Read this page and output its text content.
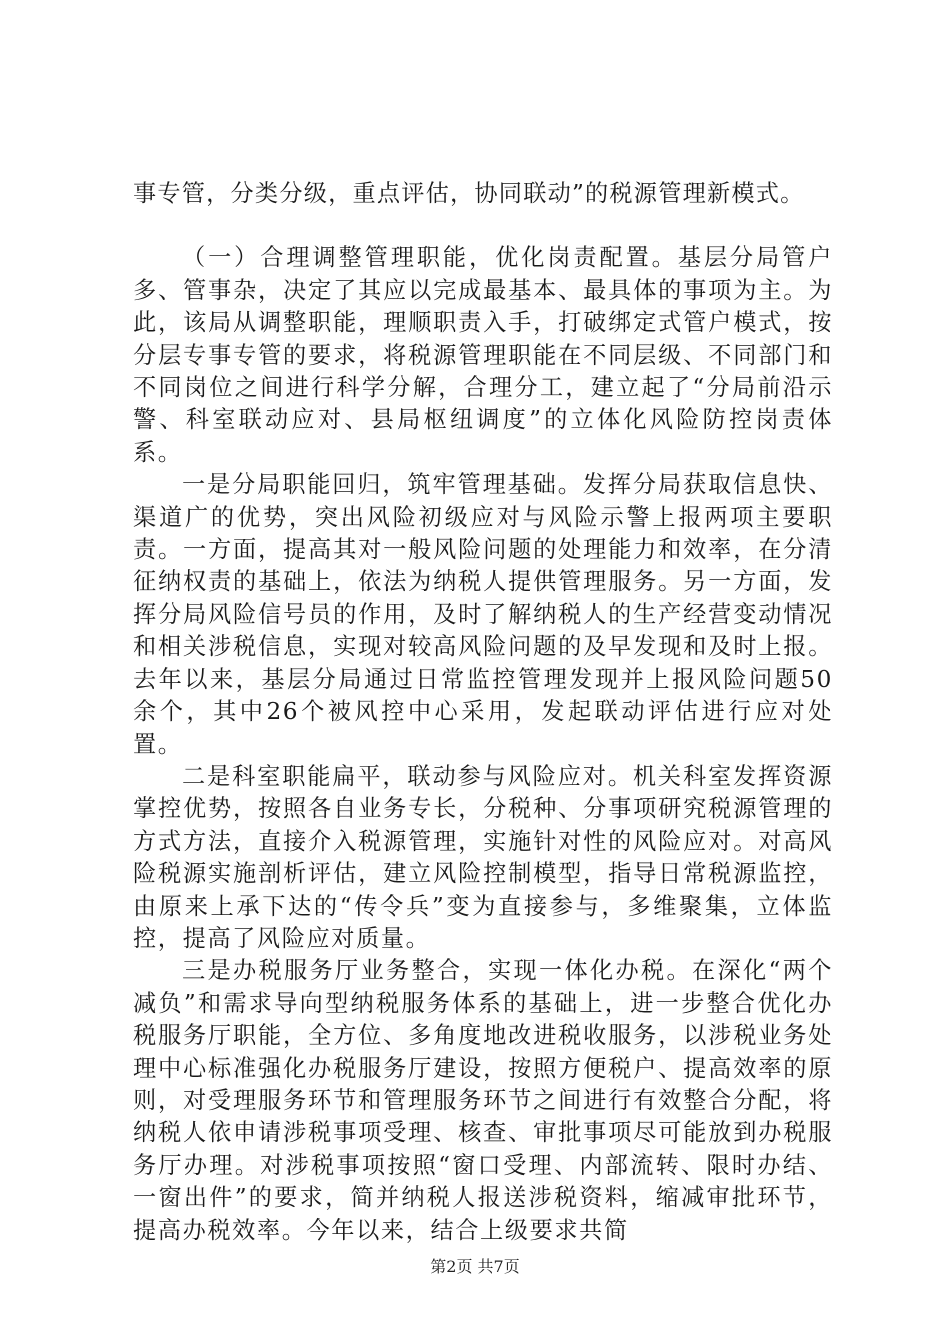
事专管，分类分级，重点评估，协同联动”的税源管理新模式。

（一）合理调整管理职能，优化岗责配置。基层分局管户多、管事杂，决定了其应以完成最基本、最具体的事项为主。为此，该局从调整职能，理顺职责入手，打破绑定式管户模式，按分层专事专管的要求，将税源管理职能在不同层级、不同部门和不同岗位之间进行科学分解，合理分工，建立起了“分局前沿示警、科室联动应对、县局枢纽调度”的立体化风险防控岗责体系。

一是分局职能回归，筑牢管理基础。发挥分局获取信息快、渠道广的优势，突出风险初级应对与风险示警上报两项主要职责。一方面，提高其对一般风险问题的处理能力和效率，在分清征纳权责的基础上，依法为纳税人提供管理服务。另一方面，发挥分局风险信号员的作用，及时了解纳税人的生产经营变动情况和相关涉税信息，实现对较高风险问题的及早发现和及时上报。去年以来，基层分局通过日常监控管理发现并上报风险问题50余个，其中26个被风控中心采用，发起联动评估进行应对处置。

二是科室职能扁平，联动参与风险应对。机关科室发挥资源掌控优势，按照各自业务专长，分税种、分事项研究税源管理的方式方法，直接介入税源管理，实施针对性的风险应对。对高风险税源实施剖析评估，建立风险控制模型，指导日常税源监控，由原来上承下达的“传令兵”变为直接参与，多维聚集，立体监控，提高了风险应对质量。

三是办税服务厅业务整合，实现一体化办税。在深化“两个减负”和需求导向型纳税服务体系的基础上，进一步整合优化办税服务厅职能，全方位、多角度地改进税收服务，以涉税业务处理中心标准强化办税服务厅建设，按照方便税户、提高效率的原则，对受理服务环节和管理服务环节之间进行有效整合分配，将纳税人依申请涉税事项受理、核查、审批事项尽可能放到办税服务厅办理。对涉税事项按照“窗口受理、内部流转、限时办结、一窗出件”的要求，简并纳税人报送涉税资料，缩减审批环节，提高办税效率。今年以来，结合上级要求共简

第2页 共7页
